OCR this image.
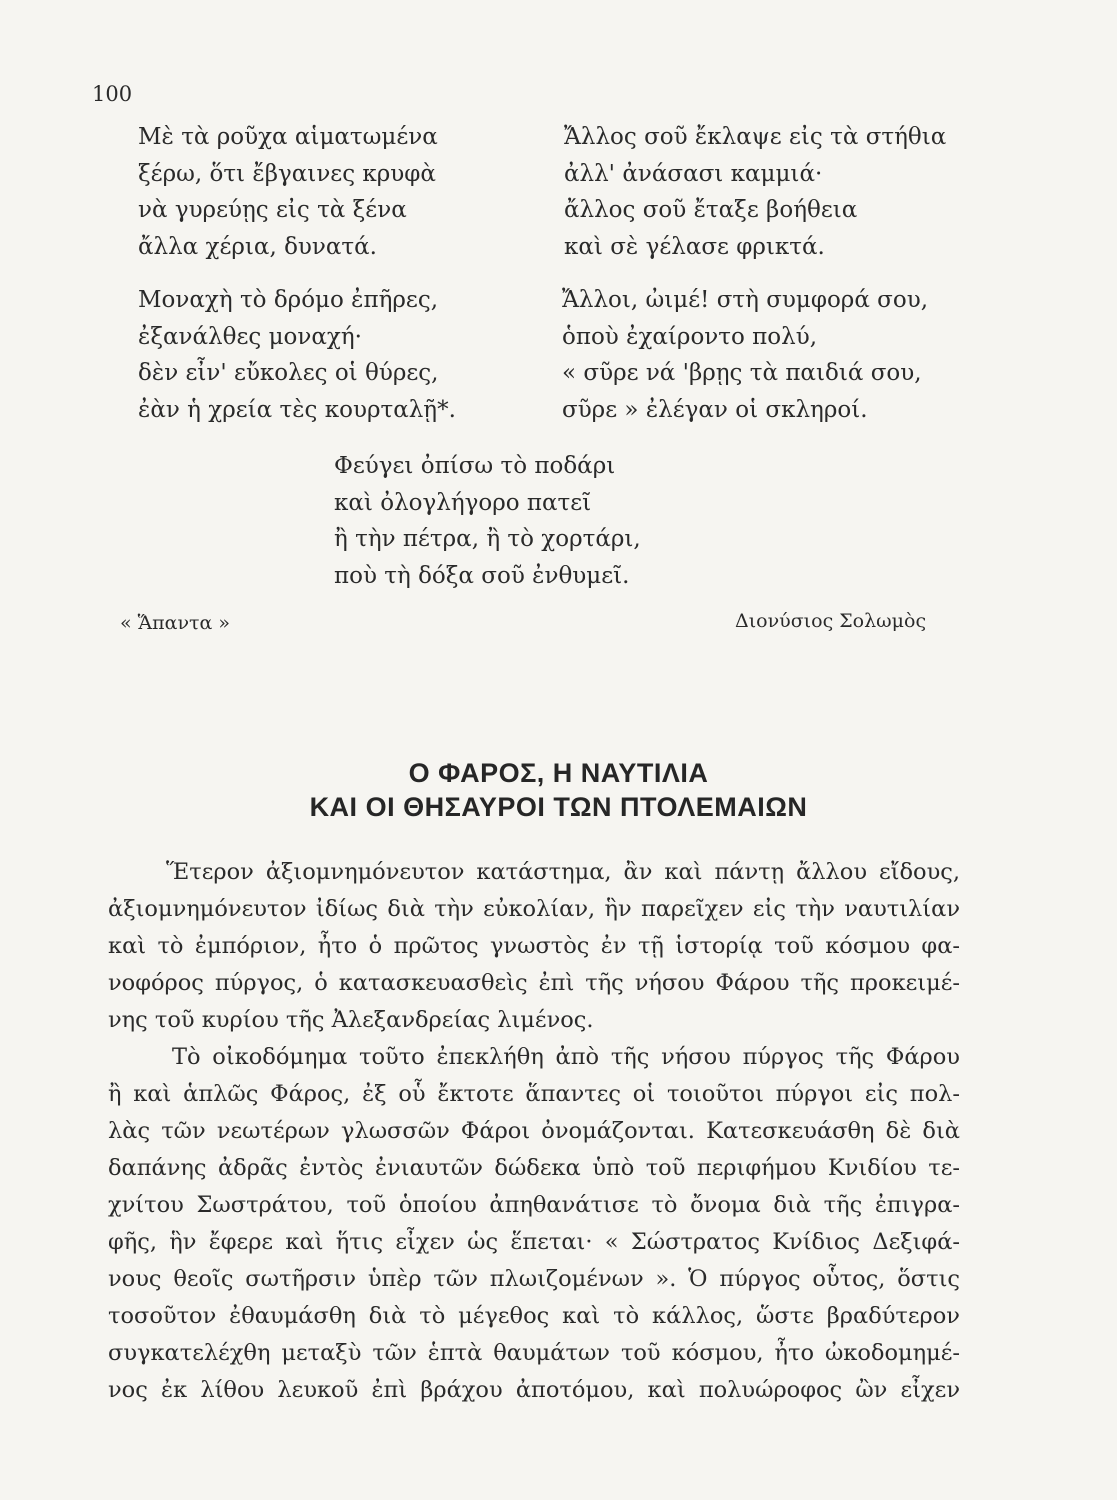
100
Μὲ τὰ ροῦχα αἱματωμένα
ξέρω, ὅτι ἔβγαινες κρυφὰ
νὰ γυρεύῃς εἰς τὰ ξένα
ἄλλα χέρια, δυνατά.
Μοναχὴ τὸ δρόμο ἐπῆρες,
ἐξανάλθες μοναχή·
δὲν εἶν' εὔκολες οἱ θύρες,
ἐὰν ἡ χρεία τὲς κουρταλῇ*.
Ἄλλος σοῦ ἔκλαψε εἰς τὰ στήθια
ἀλλ' ἀνάσασι καμμιά·
ἄλλος σοῦ ἔταξε βοήθεια
καὶ σὲ γέλασε φρικτά.
Ἄλλοι, ὠιμέ! στὴ συμφορά σου,
ὁποὺ ἐχαίροντο πολύ,
« σῦρε νά 'βρῃς τὰ παιδιά σου,
σῦρε » ἐλέγαν οἱ σκληροί.
Φεύγει ὀπίσω τὸ ποδάρι
καὶ ὀλογλήγορο πατεῖ
ἢ τὴν πέτρα, ἢ τὸ χορτάρι,
ποὺ τὴ δόξα σοῦ ἐνθυμεῖ.
« Ἅπαντα »	Διονύσιος Σολωμὸς
Ο ΦΑΡΟΣ, Η ΝΑΥΤΙΛΙΑ
ΚΑΙ ΟΙ ΘΗΣΑΥΡΟΙ ΤΩΝ ΠΤΟΛΕΜΑΙΩΝ
Ἕτερον ἀξιομνημόνευτον κατάστημα, ἂν καὶ πάντῃ ἄλλου εἴδους,
ἀξιομνημόνευτον ἰδίως διὰ τὴν εὐκολίαν, ἣν παρεῖχεν εἰς τὴν ναυτιλίαν
καὶ τὸ ἐμπόριον, ἦτο ὁ πρῶτος γνωστὸς ἐν τῇ ἱστορίᾳ τοῦ κόσμου φα-
νοφόρος πύργος, ὁ κατασκευασθεὶς ἐπὶ τῆς νήσου Φάρου τῆς προκειμέ-
νης τοῦ κυρίου τῆς Ἀλεξανδρείας λιμένος.
Τὸ οἰκοδόμημα τοῦτο ἐπεκλήθη ἀπὸ τῆς νήσου πύργος τῆς Φάρου
ἢ καὶ ἁπλῶς Φάρος, ἐξ οὗ ἔκτοτε ἅπαντες οἱ τοιοῦτοι πύργοι εἰς πολ-
λὰς τῶν νεωτέρων γλωσσῶν Φάροι ὀνομάζονται. Κατεσκευάσθη δὲ διὰ
δαπάνης ἀδρᾶς ἐντὸς ἐνιαυτῶν δώδεκα ὑπὸ τοῦ περιφήμου Κνιδίου τε-
χνίτου Σωστράτου, τοῦ ὁποίου ἀπηθανάτισε τὸ ὄνομα διὰ τῆς ἐπιγρα-
φῆς, ἣν ἔφερε καὶ ἥτις εἶχεν ὡς ἕπεται· « Σώστρατος Κνίδιος Δεξιφά-
νους θεοῖς σωτῆρσιν ὑπὲρ τῶν πλωιζομένων ». Ὁ πύργος οὗτος, ὅστις
τοσοῦτον ἐθαυμάσθη διὰ τὸ μέγεθος καὶ τὸ κάλλος, ὥστε βραδύτερον
συγκατελέχθη μεταξὺ τῶν ἑπτὰ θαυμάτων τοῦ κόσμου, ἦτο ὠκοδομημέ-
νος ἐκ λίθου λευκοῦ ἐπὶ βράχου ἀποτόμου, καὶ πολυώροφος ὢν εἶχεν
